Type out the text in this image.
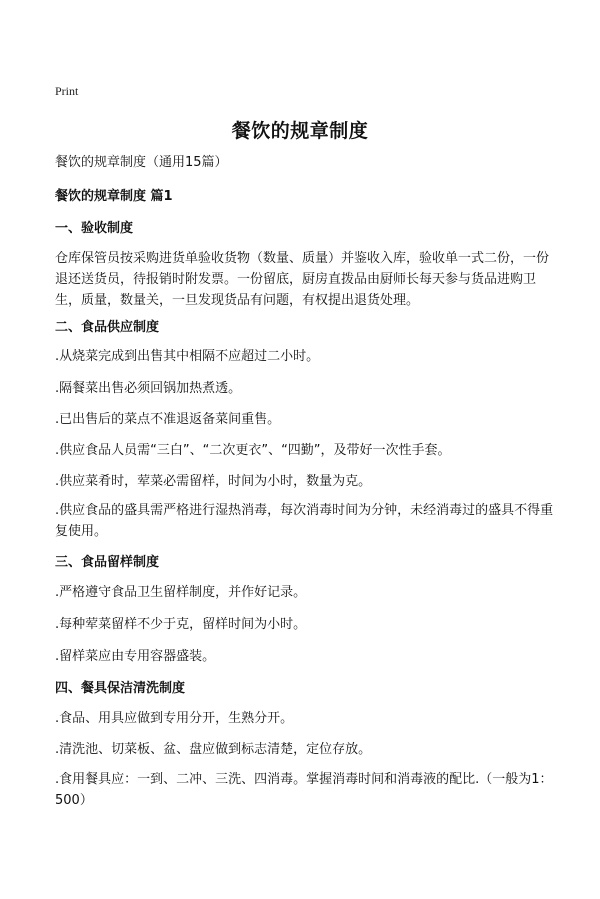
Print
餐饮的规章制度
餐饮的规章制度（通用15篇）
餐饮的规章制度 篇1
一、验收制度
仓库保管员按采购进货单验收货物（数量、质量）并鉴收入库，验收单一式二份，一份退还送货员，待报销时附发票。一份留底，厨房直拨品由厨师长每天参与货品进购卫生，质量，数量关，一旦发现货品有问题，有权提出退货处理。
二、食品供应制度
.从烧菜完成到出售其中相隔不应超过二小时。
.隔餐菜出售必须回锅加热煮透。
.已出售后的菜点不准退返备菜间重售。
.供应食品人员需“三白”、“二次更衣”、“四勤”，及带好一次性手套。
.供应菜肴时，荤菜必需留样，时间为小时，数量为克。
.供应食品的盛具需严格进行湿热消毒，每次消毒时间为分钟，未经消毒过的盛具不得重复使用。
三、食品留样制度
.严格遵守食品卫生留样制度，并作好记录。
.每种荤菜留样不少于克，留样时间为小时。
.留样菜应由专用容器盛装。
四、餐具保洁清洗制度
.食品、用具应做到专用分开，生熟分开。
.清洗池、切菜板、盆、盘应做到标志清楚，定位存放。
.食用餐具应：一到、二冲、三洗、四消毒。掌握消毒时间和消毒液的配比.（一般为1：500）
